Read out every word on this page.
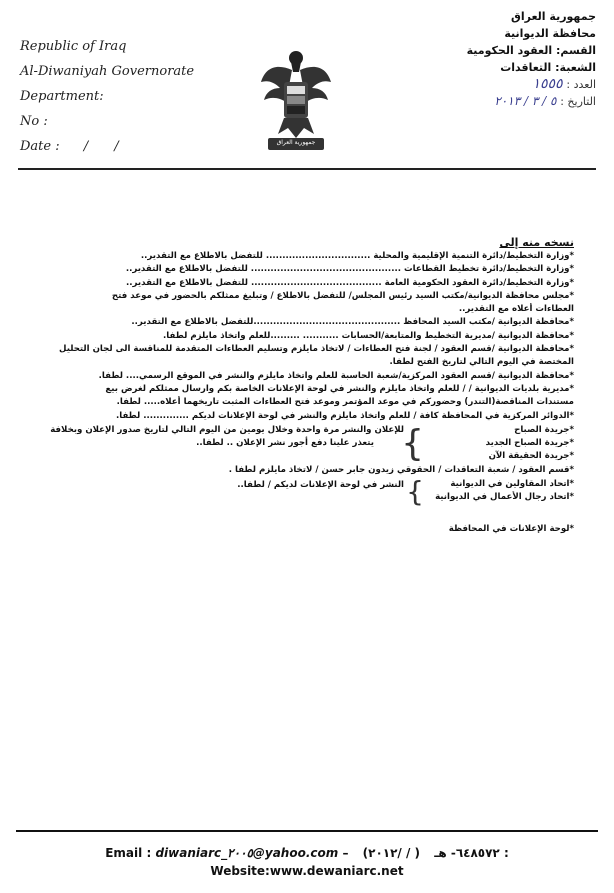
Republic of Iraq
Al-Diwaniyah Governorate
Department:
No :
Date : / /	جمهورية العراق
جمهورية العراق
محافظة الديوانية
القسم: العقود الحكومية
الشعبة: التعاقدات
العدد : ١٥٥٥
التاريخ : ٥ / ٣ / ٢٠١٣
نسخه منه إلى
*وزارة التخطيط/دائرة التنمية الإقليمية والمحلية ................................ للتفضل بالاطلاع مع التقدير..
*وزارة التخطيط/دائرة تخطيط القطاعات .............................................. للتفضل بالاطلاع مع التقدير..
*وزارة التخطيط/دائرة العقود الحكومية العامة ........................................ للتفضل بالاطلاع مع التقدير..
*مجلس محافظة الديوانية/مكتب السيد رئيس المجلس/ للتفضل بالاطلاع / وتبليغ ممثلكم بالحضور في موعد فتح
العطاءات أعلاه مع التقدير..
*محافظة الديوانية /مكتب السيد المحافظ .............................................للتفضل بالاطلاع مع التقدير..
*محافظة الديوانية /مديرية التخطيط والمتابعة/الحسابات ........... .........للعلم واتخاذ مايلزم لطفا.
*محافظة الديوانية /قسم العقود / لجنة فتح العطاءات / لاتخاذ مايلزم وتسليم العطاءات المتقدمة للمناقسة الى لجان التحليل
المختصة في اليوم التالي لتاريخ الفتح لطفا.
*محافظة الديوانية /قسم العقود المركزية/شعبة الحاسبة للعلم واتخاذ مايلزم والنشر في الموقع الرسمي.... لطفا.
*مديرية بلديات الديوانية / / للعلم واتخاذ مايلزم والنشر في لوحة الإعلانات الخاصة بكم وارسال ممثلكم لغرض بيع
مستندات المناقصة(التندر) وحضوركم في موعد المؤتمر وموعد فتح العطاءات المثبت تاريخهما أعلاه..... لطفا.
*الدوائر المركزية في المحافظة كافة / للعلم واتخاذ مايلزم والنشر في لوحة الإعلانات لديكم .............. لطفا.
*جريدة الصباح
*جريدة الصباح الجديد
*جريدة الحقيقة الآن
}
للإعلان والنشر مرة واحدة وخلال يومين من اليوم التالي لتاريخ صدور الإعلان وبخلافة
يتعذر علينا دفع أجور نشر الإعلان .. لطفا..
*قسم العقود / شعبة التعاقدات / الحقوقي زيدون جابر حسن / لاتخاذ مايلزم لطفا .
*اتحاد المقاولين في الديوانية
*اتحاد رجال الأعمال في الديوانية
}
النشر في لوحة الإعلانات لديكم / لطفا..
*لوحة الإعلانات في المحافظة
Email : diwaniarc_٢٠٠٥@yahoo.com – (٢٠١٢/ / )	٦٤٨٥٧٢- هـ :
Website:www.dewaniarc.net
